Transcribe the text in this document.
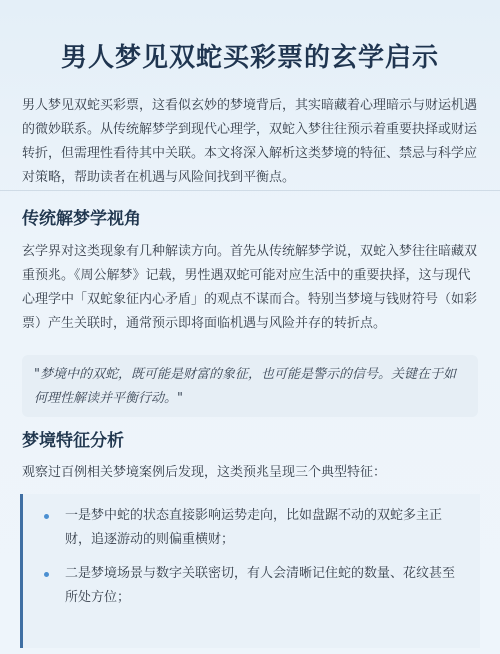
男人梦见双蛇买彩票的玄学启示
男人梦见双蛇买彩票，这看似玄妙的梦境背后，其实暗藏着心理暗示与财运机遇的微妙联系。从传统解梦学到现代心理学，双蛇入梦往往预示着重要抉择或财运转折，但需理性看待其中关联。本文将深入解析这类梦境的特征、禁忌与科学应对策略，帮助读者在机遇与风险间找到平衡点。
传统解梦学视角
玄学界对这类现象有几种解读方向。首先从传统解梦学说，双蛇入梦往往暗藏双重预兆。《周公解梦》记载，男性遇双蛇可能对应生活中的重要抉择，这与现代心理学中「双蛇象征内心矛盾」的观点不谋而合。特别当梦境与钱财符号（如彩票）产生关联时，通常预示即将面临机遇与风险并存的转折点。
"梦境中的双蛇，既可能是财富的象征，也可能是警示的信号。关键在于如何理性解读并平衡行动。"
梦境特征分析
观察过百例相关梦境案例后发现，这类预兆呈现三个典型特征：
一是梦中蛇的状态直接影响运势走向，比如盘踞不动的双蛇多主正财，追逐游动的则偏重横财；
二是梦境场景与数字关联密切，有人会清晰记住蛇的数量、花纹甚至所处方位；
